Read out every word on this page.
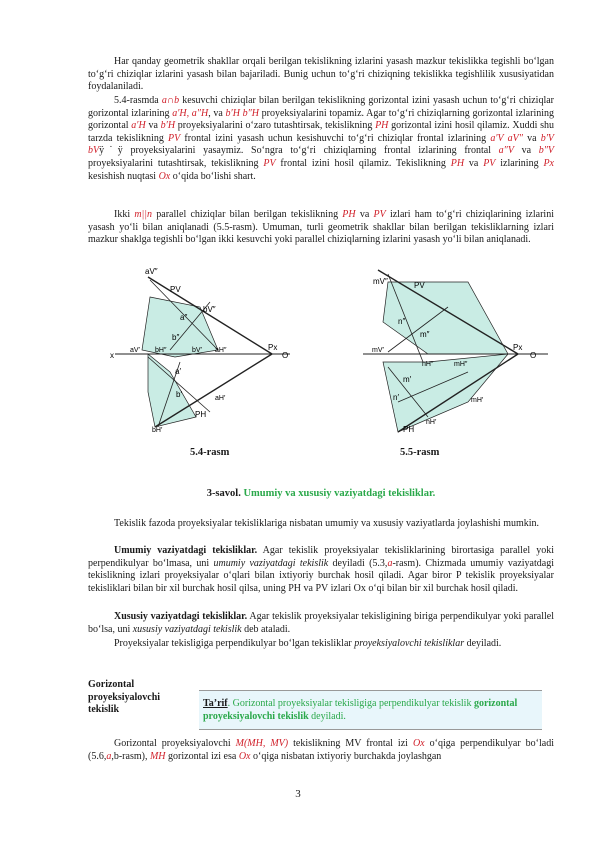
Har qanday geometrik shakllar orqali berilgan tekislikning izlarini yasash mazkur tekislikka tegishli bo‘lgan to‘g‘ri chiziqlar izlarini yasash bilan bajariladi. Bunig uchun to‘g‘ri chiziqning tekislikka tegishlilik xususiyatidan foydalaniladi.

5.4-rasmda a∩b kesuvchi chiziqlar bilan berilgan tekislikning gorizontal izini yasash uchun to‘g‘ri chiziqlar gorizontal izlarining a′H, a″H, va b′H b″H proyeksiyalarini topamiz. Agar to‘g‘ri chiziqlarning gorizontal izlarining gorizontal a′H va b′H proyeksiyalarini o‘zaro tutashtirsak, tekislikning PH gorizontal izini hosil qilamiz. Xuddi shu tarzda tekislikning PV frontal izini yasash uchun kesishuvchi to‘g‘ri chiziqlar frontal izlarining a′V aV″ va b′V bVÿ˙ÿ proyeksiyalarini yasaymiz. So‘ngra to‘g‘ri chiziqlarning frontal izlarining frontal a″V va b″V proyeksiyalarini tutashtirsak, tekislikning PV frontal izini hosil qilamiz. Tekislikning PH va PV izlarining Px kesishish nuqtasi Ox o‘qida bo‘lishi shart.

Ikki m||n parallel chiziqlar bilan berilgan tekislikning PH va PV izlari ham to‘g‘ri chiziqlarining izlarini yasash yo‘li bilan aniqlanadi (5.5-rasm). Umuman, turli geometrik shakllar bilan berilgan tekisliklarning izlari mazkur shaklga tegishli bo‘lgan ikki kesuvchi yoki parallel chiziqlarning izlarini yasash yo‘li bilan aniqlanadi.

aV″
PV
bV″
a″
b″
x
aV′ bH″	bV′ aH″	Px
O
a′
b′	aH′
PH
bH′
mV″	PV
n″
m″
mV′
nH″	mH″
Px
O
m′
n′	mH′
nH′
PH
5.4-rasm	5.5-rasm
3-savol. Umumiy va xususiy vaziyatdagi tekisliklar.

Tekislik fazoda proyeksiyalar tekisliklariga nisbatan umumiy va xususiy vaziyatlarda joylashishi mumkin.

Umumiy vaziyatdagi tekisliklar. Agar tekislik proyeksiyalar tekisliklarining birortasiga parallel yoki perpendikulyar bo‘lmasa, uni umumiy vaziyatdagi tekislik deyiladi (5.3,a-rasm). Chizmada umumiy vaziyatdagi tekislikning izlari proyeksiyalar o‘qlari bilan ixtiyoriy burchak hosil qiladi. Agar biror P tekislik proyeksiyalar tekisliklari bilan bir xil burchak hosil qilsa, uning PH va PV izlari Ox o‘qi bilan bir xil burchak hosil qiladi.

Xususiy vaziyatdagi tekisliklar. Agar tekislik proyeksiyalar tekisligining biriga perpendikulyar yoki parallel bo‘lsa, uni xususiy vaziyatdagi tekislik deb ataladi.

Proyeksiyalar tekisligiga perpendikulyar bo‘lgan tekisliklar proyeksiyalovchi tekisliklar deyiladi.

Gorizontal proyeksiyalovchi tekislik
Ta’rif. Gorizontal proyeksiyalar tekisligiga perpendikulyar tekislik gorizontal proyeksiyalovchi tekislik deyiladi.

Gorizontal proyeksiyalovchi M(MH, MV) tekislikning MV frontal izi Ox o‘qiga perpendikulyar bo‘ladi (5.6,a,b-rasm), MH gorizontal izi esa Ox o‘qiga nisbatan ixtiyoriy burchakda joylashgan

3
